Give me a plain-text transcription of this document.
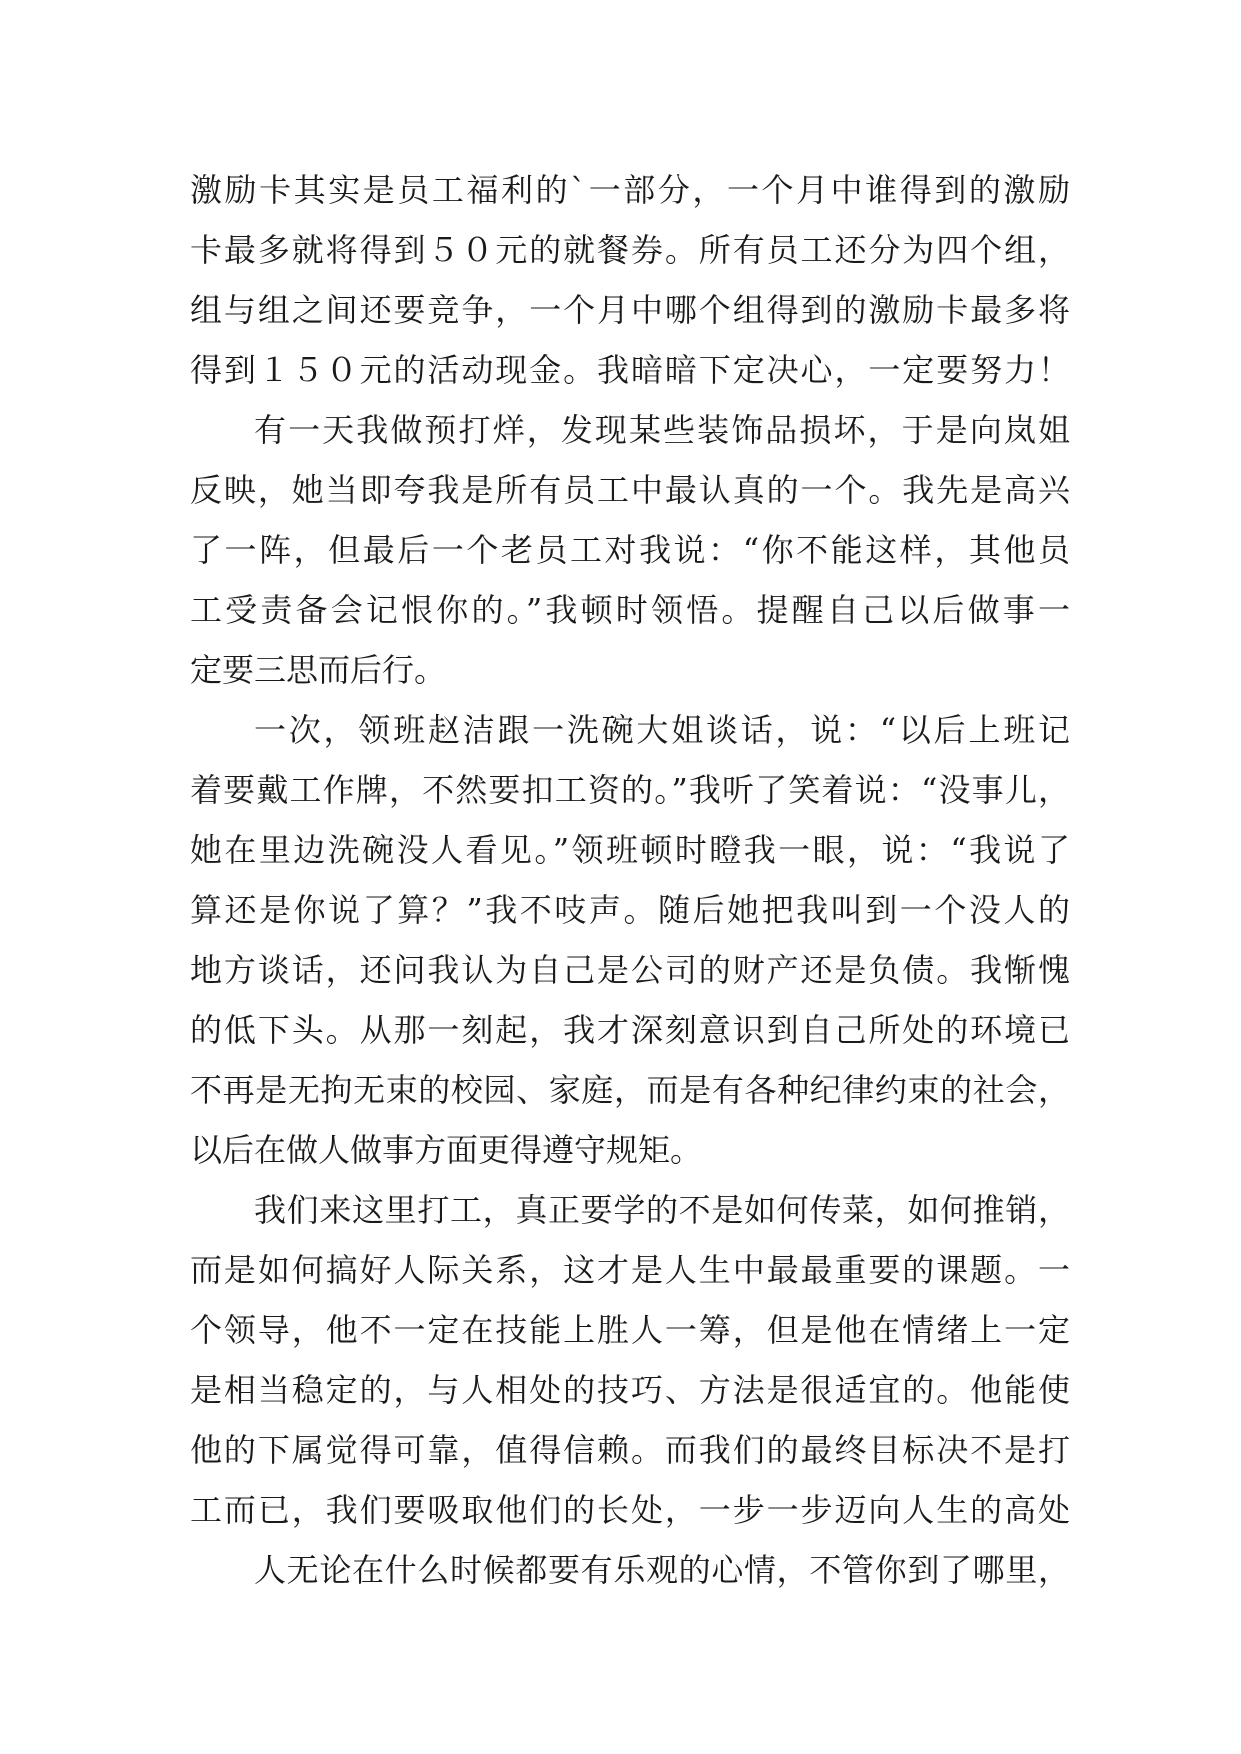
激励卡其实是员工福利的`一部分，一个月中谁得到的激励
卡最多就将得到５０元的就餐券。所有员工还分为四个组，
组与组之间还要竞争，一个月中哪个组得到的激励卡最多将
得到１５０元的活动现金。我暗暗下定决心，一定要努力！
有一天我做预打烊，发现某些装饰品损坏，于是向岚姐
反映，她当即夸我是所有员工中最认真的一个。我先是高兴
了一阵，但最后一个老员工对我说：“你不能这样，其他员
工受责备会记恨你的。”我顿时领悟。提醒自己以后做事一
定要三思而后行。
一次，领班赵洁跟一洗碗大姐谈话，说：“以后上班记
着要戴工作牌，不然要扣工资的。”我听了笑着说：“没事儿，
她在里边洗碗没人看见。”领班顿时瞪我一眼，说：“我说了
算还是你说了算？”我不吱声。随后她把我叫到一个没人的
地方谈话，还问我认为自己是公司的财产还是负债。我惭愧
的低下头。从那一刻起，我才深刻意识到自己所处的环境已
不再是无拘无束的校园、家庭，而是有各种纪律约束的社会，
以后在做人做事方面更得遵守规矩。
我们来这里打工，真正要学的不是如何传菜，如何推销，
而是如何搞好人际关系，这才是人生中最最重要的课题。一
个领导，他不一定在技能上胜人一筹，但是他在情绪上一定
是相当稳定的，与人相处的技巧、方法是很适宜的。他能使
他的下属觉得可靠，值得信赖。而我们的最终目标决不是打
工而已，我们要吸取他们的长处，一步一步迈向人生的高处
人无论在什么时候都要有乐观的心情，不管你到了哪里，
